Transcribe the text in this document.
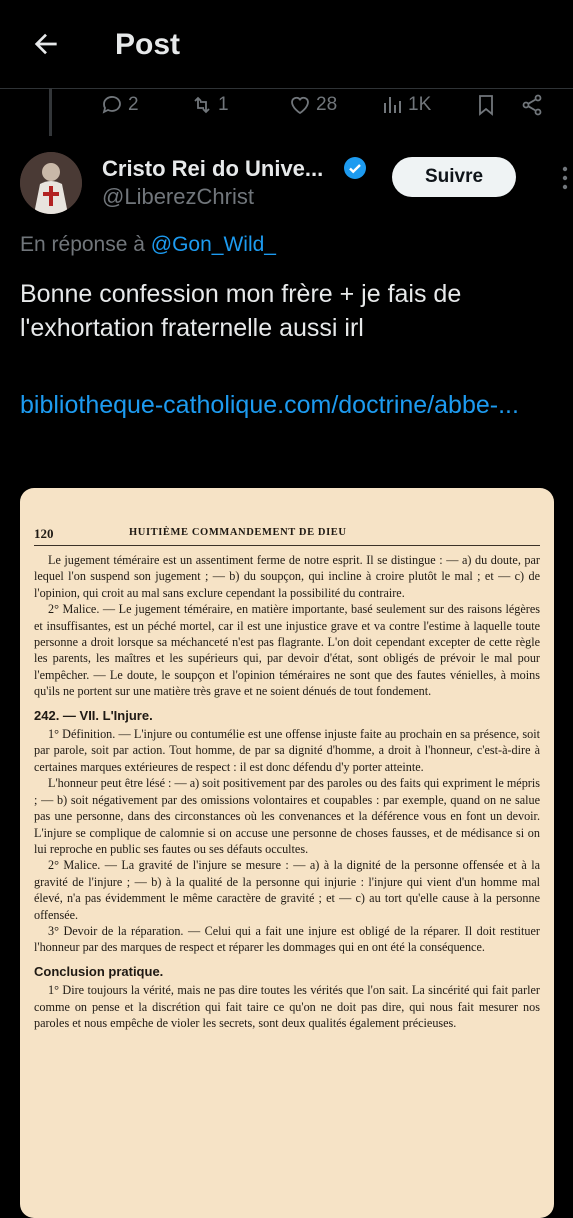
Post
2	1	28	1K
Cristo Rei do Unive...
@LiberezChrist
Suivre
En réponse à @Gon_Wild_
Bonne confession mon frère + je fais de l'exhortation fraternelle aussi irl
bibliotheque-catholique.com/doctrine/abbe-...
120	HUITIÈME COMMANDEMENT DE DIEU

Le jugement téméraire est un assentiment ferme de notre esprit. Il se distingue : — a) du doute, par lequel l'on suspend son jugement ; — b) du soupçon, qui incline à croire plutôt le mal ; et — c) de l'opinion, qui croit au mal sans exclure cependant la possibilité du contraire.

2° Malice. — Le jugement téméraire, en matière importante, basé seulement sur des raisons légères et insuffisantes, est un péché mortel, car il est une injustice grave et va contre l'estime à laquelle toute personne a droit lorsque sa méchanceté n'est pas flagrante. L'on doit cependant excepter de cette règle les parents, les maîtres et les supérieurs qui, par devoir d'état, sont obligés de prévoir le mal pour l'empêcher. — Le doute, le soupçon et l'opinion téméraires ne sont que des fautes vénielles, à moins qu'ils ne portent sur une matière très grave et ne soient dénués de tout fondement.

242. — VII. L'Injure.

1° Définition. — L'injure ou contumélie est une offense injuste faite au prochain en sa présence, soit par parole, soit par action. Tout homme, de par sa dignité d'homme, a droit à l'honneur, c'est-à-dire à certaines marques extérieures de respect : il est donc défendu d'y porter atteinte.

L'honneur peut être lésé : — a) soit positivement par des paroles ou des faits qui expriment le mépris ; — b) soit négativement par des omissions volontaires et coupables : par exemple, quand on ne salue pas une personne, dans des circonstances où les convenances et la déférence vous en font un devoir. L'injure se complique de calomnie si on accuse une personne de choses fausses, et de médisance si on lui reproche en public ses fautes ou ses défauts occultes.

2° Malice. — La gravité de l'injure se mesure : — a) à la dignité de la personne offensée et à la gravité de l'injure ; — b) à la qualité de la personne qui injurie : l'injure qui vient d'un homme mal élevé, n'a pas évidemment le même caractère de gravité ; et — c) au tort qu'elle cause à la personne offensée.

3° Devoir de la réparation. — Celui qui a fait une injure est obligé de la réparer. Il doit restituer l'honneur par des marques de respect et réparer les dommages qui en ont été la conséquence.

Conclusion pratique.

1° Dire toujours la vérité, mais ne pas dire toutes les vérités que l'on sait. La sincérité qui fait parler comme on pense et la discrétion qui fait taire ce qu'on ne doit pas dire, qui nous fait mesurer nos paroles et nous empêche de violer les secrets, sont deux qualités également précieuses.
